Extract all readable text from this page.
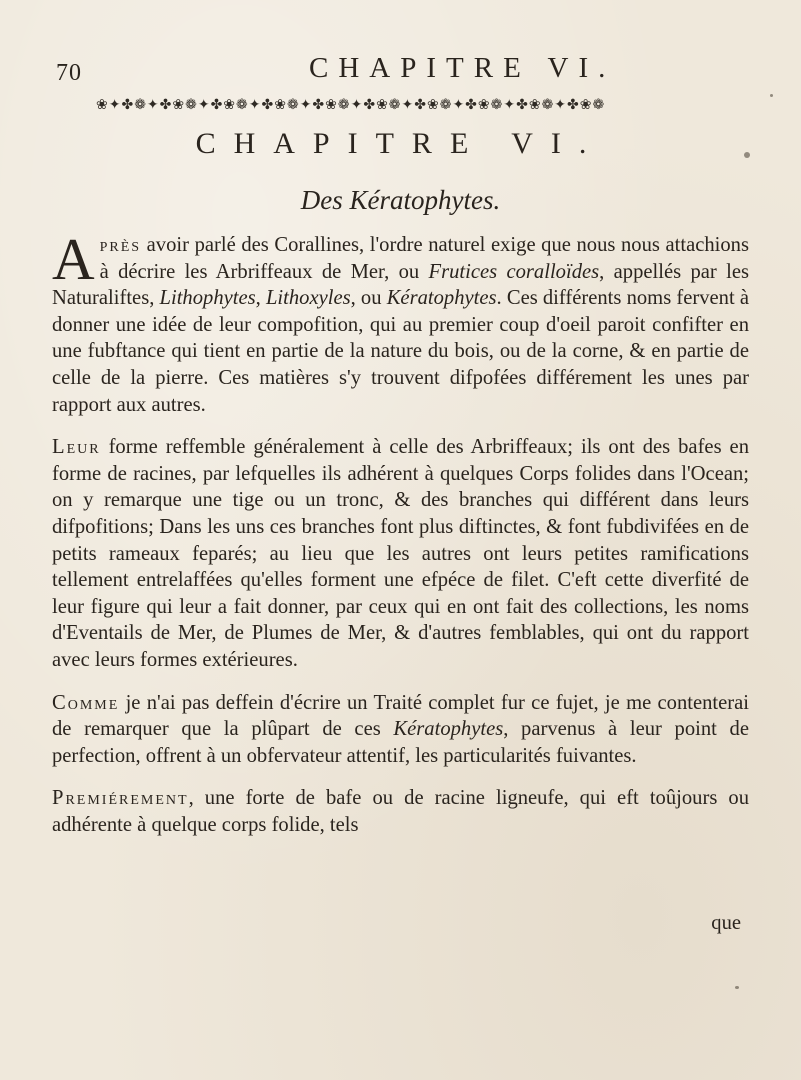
70	CHAPITRE VI.
❀✦✤❁✦✤❀❁✦✤❀❁✦✤❀❁✦✤❀❁✦✤❀❁✦✤❀❁✦✤❀❁✦✤❀❁✦✤❀❁
CHAPITRE VI.
Des Kératophytes.

Après avoir parlé des Corallines, l'ordre naturel exige que nous nous attachions à décrire les Arbriffeaux de Mer, ou Frutices coralloïdes, appellés par les Naturaliftes, Lithophytes, Lithoxyles, ou Kératophytes. Ces différents noms fervent à donner une idée de leur compofition, qui au premier coup d'oeil paroit confifter en une fubftance qui tient en partie de la nature du bois, ou de la corne, & en partie de celle de la pierre. Ces matières s'y trouvent difpofées différement les unes par rapport aux autres.

Leur forme reffemble généralement à celle des Arbriffeaux; ils ont des bafes en forme de racines, par lefquelles ils adhérent à quelques Corps folides dans l'Ocean; on y remarque une tige ou un tronc, & des branches qui différent dans leurs difpofitions; Dans les uns ces branches font plus diftinctes, & font fubdivifées en de petits rameaux feparés; au lieu que les autres ont leurs petites ramifications tellement entrelaffées qu'elles forment une efpéce de filet. C'eft cette diverfité de leur figure qui leur a fait donner, par ceux qui en ont fait des collections, les noms d'Eventails de Mer, de Plumes de Mer, & d'autres femblables, qui ont du rapport avec leurs formes extérieures.

Comme je n'ai pas deffein d'écrire un Traité complet fur ce fujet, je me contenterai de remarquer que la plûpart de ces Kératophytes, parvenus à leur point de perfection, offrent à un obfervateur attentif, les particularités fuivantes.

Premiérement, une forte de bafe ou de racine ligneufe, qui eft toûjours ou adhérente à quelque corps folide, tels

que
